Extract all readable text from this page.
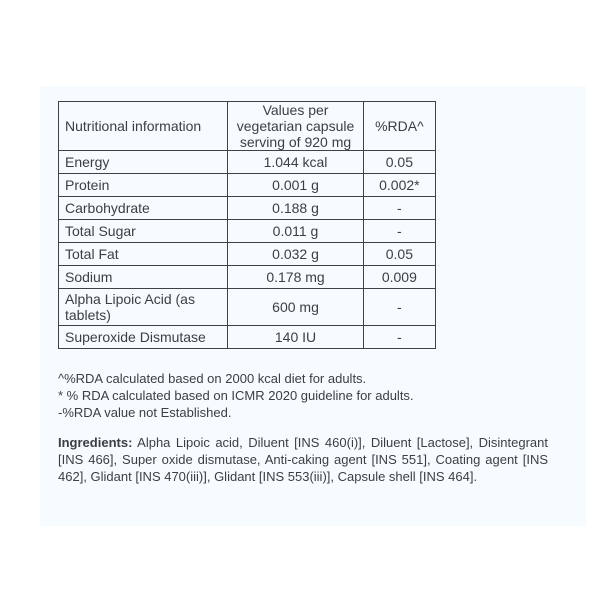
Nutritional information	Values per vegetarian capsule serving of 920 mg	%RDA^
Energy	1.044 kcal	0.05
Protein	0.001 g	0.002*
Carbohydrate	0.188 g	-
Total Sugar	0.011 g	-
Total Fat	0.032 g	0.05
Sodium	0.178 mg	0.009
Alpha Lipoic Acid (as tablets)	600 mg	-
Superoxide Dismutase	140 IU	-
^%RDA calculated based on 2000 kcal diet for adults.
* % RDA calculated based on ICMR 2020 guideline for adults.
-%RDA value not Established.
Ingredients: Alpha Lipoic acid, Diluent [INS 460(i)], Diluent [Lactose], Disintegrant [INS 466], Super oxide dismutase, Anti-caking agent [INS 551], Coating agent [INS 462], Glidant [INS 470(iii)], Glidant [INS 553(iii)], Capsule shell [INS 464].
